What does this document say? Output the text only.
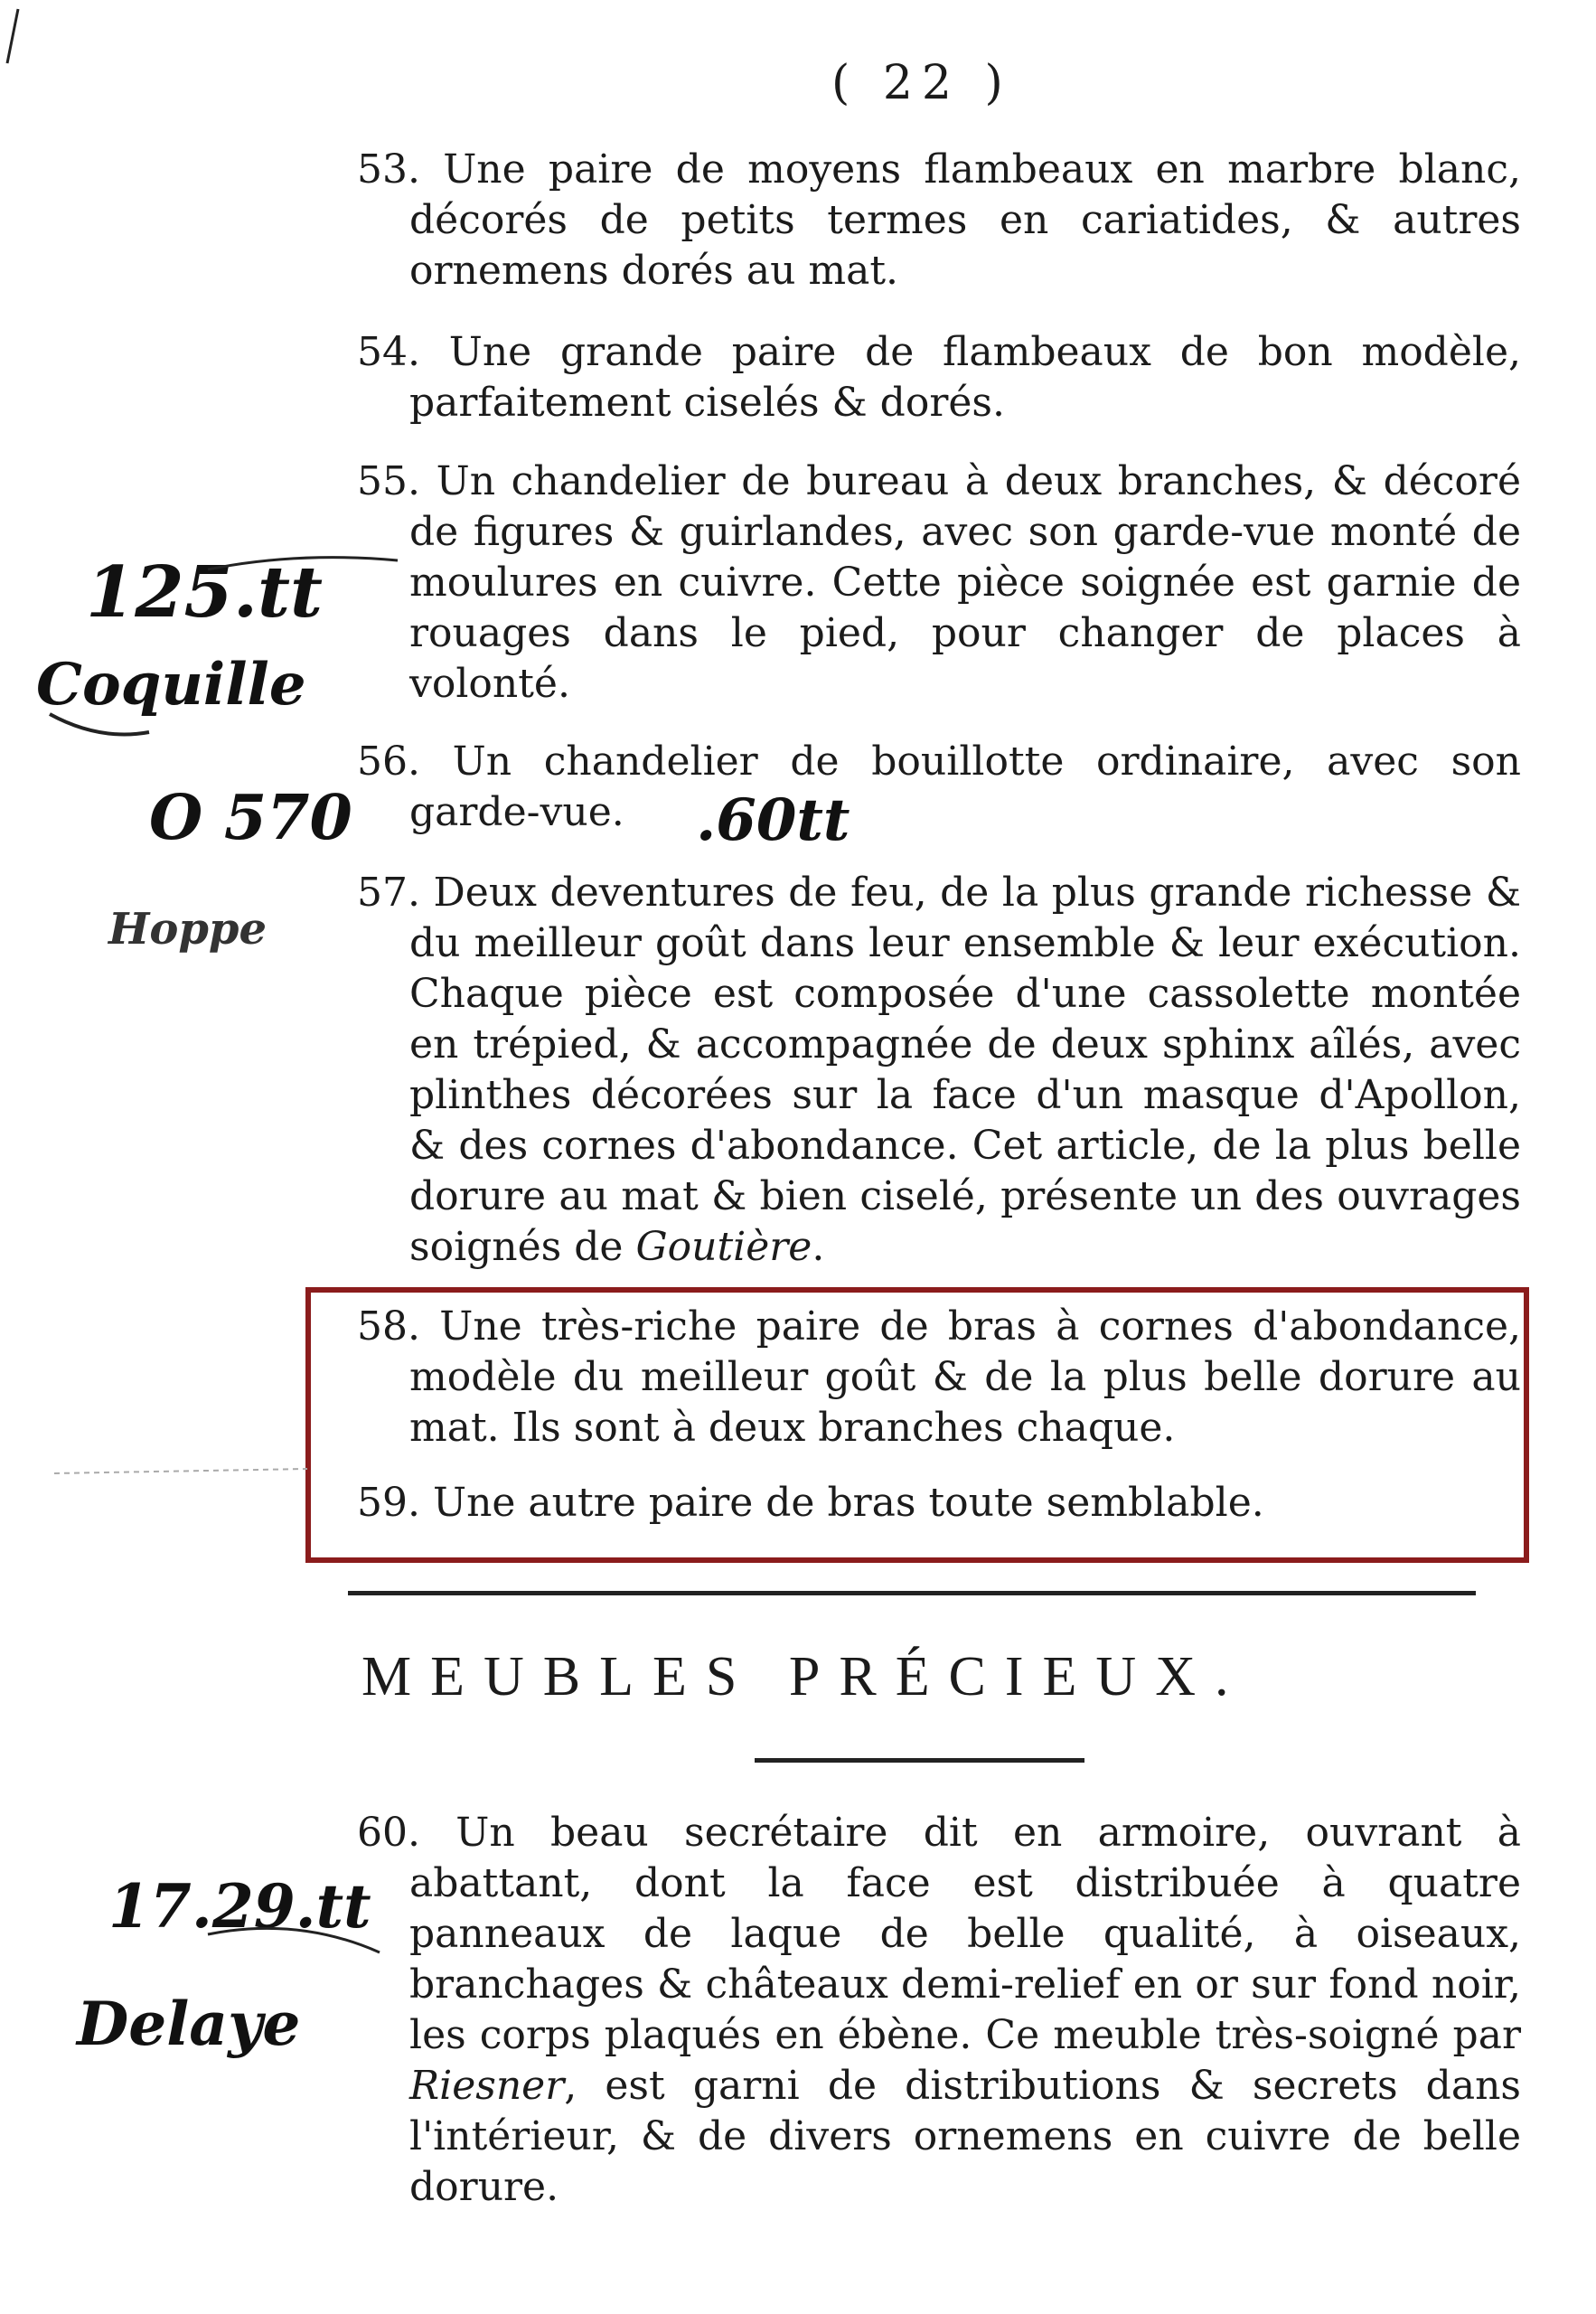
( 22 )
53. Une paire de moyens flambeaux en marbre blanc, décorés de petits termes en cariatides, & autres ornemens dorés au mat.
54. Une grande paire de flambeaux de bon modèle, parfaitement ciselés & dorés.
55. Un chandelier de bureau à deux branches, & décoré de figures & guirlandes, avec son garde-vue monté de moulures en cuivre. Cette pièce soignée est garnie de rouages dans le pied, pour changer de places à volonté.
56. Un chandelier de bouillotte ordinaire, avec son garde-vue.
57. Deux deventures de feu, de la plus grande richesse & du meilleur goût dans leur ensemble & leur exécution. Chaque pièce est composée d'une cassolette montée en trépied, & accompagnée de deux sphinx aîlés, avec plinthes décorées sur la face d'un masque d'Apollon, & des cornes d'abondance. Cet article, de la plus belle dorure au mat & bien ciselé, présente un des ouvrages soignés de Goutière.
58. Une très-riche paire de bras à cornes d'abondance, modèle du meilleur goût & de la plus belle dorure au mat. Ils sont à deux branches chaque.
59. Une autre paire de bras toute semblable.
MEUBLES PRÉCIEUX.
60. Un beau secrétaire dit en armoire, ouvrant à abattant, dont la face est distribuée à quatre panneaux de laque de belle qualité, à oiseaux, branchages & châteaux demi-relief en or sur fond noir, les corps plaqués en ébène. Ce meuble très-soigné par Riesner, est garni de distributions & secrets dans l'intérieur, & de divers ornemens en cuivre de belle dorure.
125.tt
Coquille
.60tt
O 570
Hoppe
17.29.tt
Delaye
